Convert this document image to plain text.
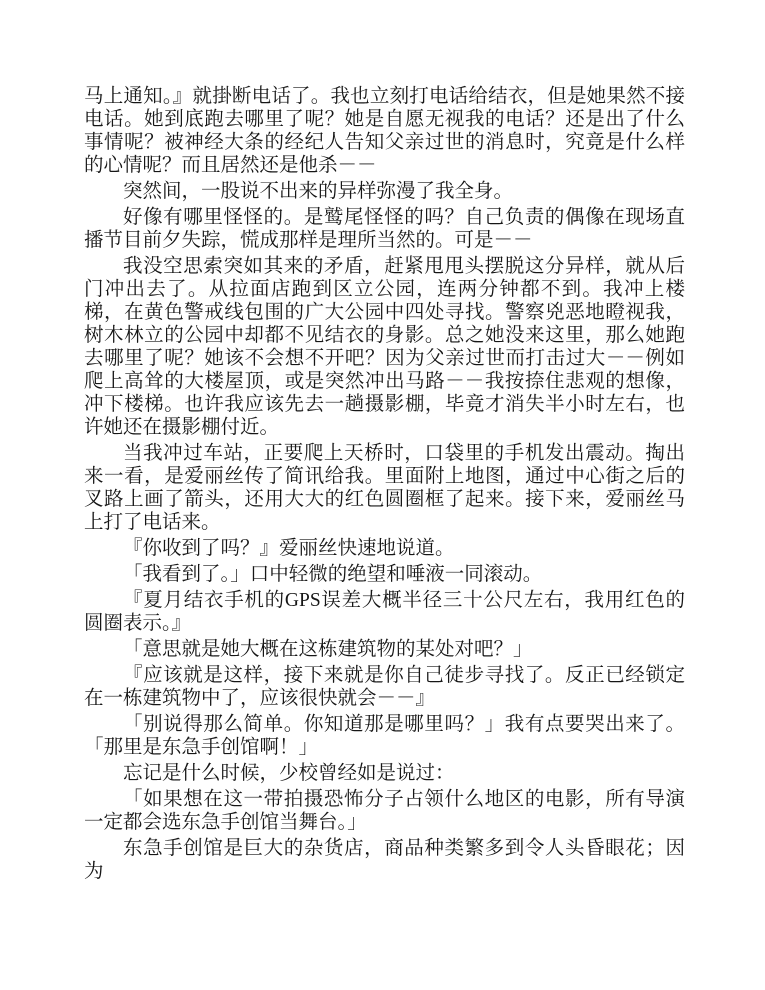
马上通知。』就掛断电话了。我也立刻打电话给结衣，但是她果然不接电话。她到底跑去哪里了呢？她是自愿无视我的电话？还是出了什么事情呢？被神经大条的经纪人告知父亲过世的消息时，究竟是什么样的心情呢？而且居然还是他杀－－

突然间，一股说不出来的异样弥漫了我全身。

好像有哪里怪怪的。是鹫尾怪怪的吗？自己负责的偶像在现场直播节目前夕失踪，慌成那样是理所当然的。可是－－

我没空思索突如其来的矛盾，赶紧甩甩头摆脱这分异样，就从后门冲出去了。从拉面店跑到区立公园，连两分钟都不到。我冲上楼梯，在黄色警戒线包围的广大公园中四处寻找。警察兇恶地瞪视我，树木林立的公园中却都不见结衣的身影。总之她没来这里，那么她跑去哪里了呢？她该不会想不开吧？因为父亲过世而打击过大－－例如爬上高耸的大楼屋顶，或是突然冲出马路－－我按捺住悲观的想像，冲下楼梯。也许我应该先去一趟摄影棚，毕竟才消失半小时左右，也许她还在摄影棚付近。

当我冲过车站，正要爬上天桥时，口袋里的手机发出震动。掏出来一看，是爱丽丝传了简讯给我。里面附上地图，通过中心街之后的叉路上画了箭头，还用大大的红色圆圈框了起来。接下来，爱丽丝马上打了电话来。

『你收到了吗？』爱丽丝快速地说道。

「我看到了。」口中轻微的绝望和唾液一同滚动。

『夏月结衣手机的GPS误差大概半径三十公尺左右，我用红色的圆圈表示。』

「意思就是她大概在这栋建筑物的某处对吧？」

『应该就是这样，接下来就是你自己徒步寻找了。反正已经锁定在一栋建筑物中了，应该很快就会－－』

「别说得那么简单。你知道那是哪里吗？」我有点要哭出来了。「那里是东急手创馆啊！」

忘记是什么时候，少校曾经如是说过：

「如果想在这一带拍摄恐怖分子占领什么地区的电影，所有导演一定都会选东急手创馆当舞台。」

东急手创馆是巨大的杂货店，商品种类繁多到令人头昏眼花；因为
